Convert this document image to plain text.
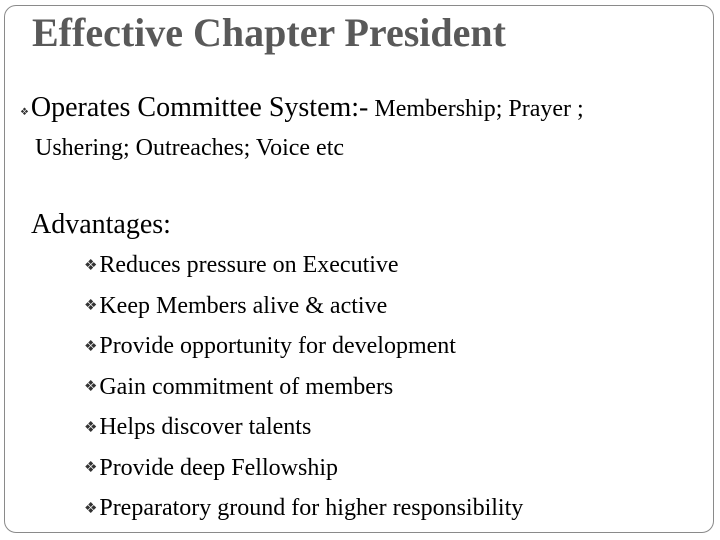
Effective Chapter President
❖Operates Committee System:- Membership; Prayer ;
Ushering; Outreaches; Voice etc
Advantages:
❖Reduces pressure on Executive
❖Keep Members alive & active
❖Provide opportunity for development
❖Gain commitment of members
❖Helps discover talents
❖Provide deep Fellowship
❖Preparatory ground for higher responsibility
